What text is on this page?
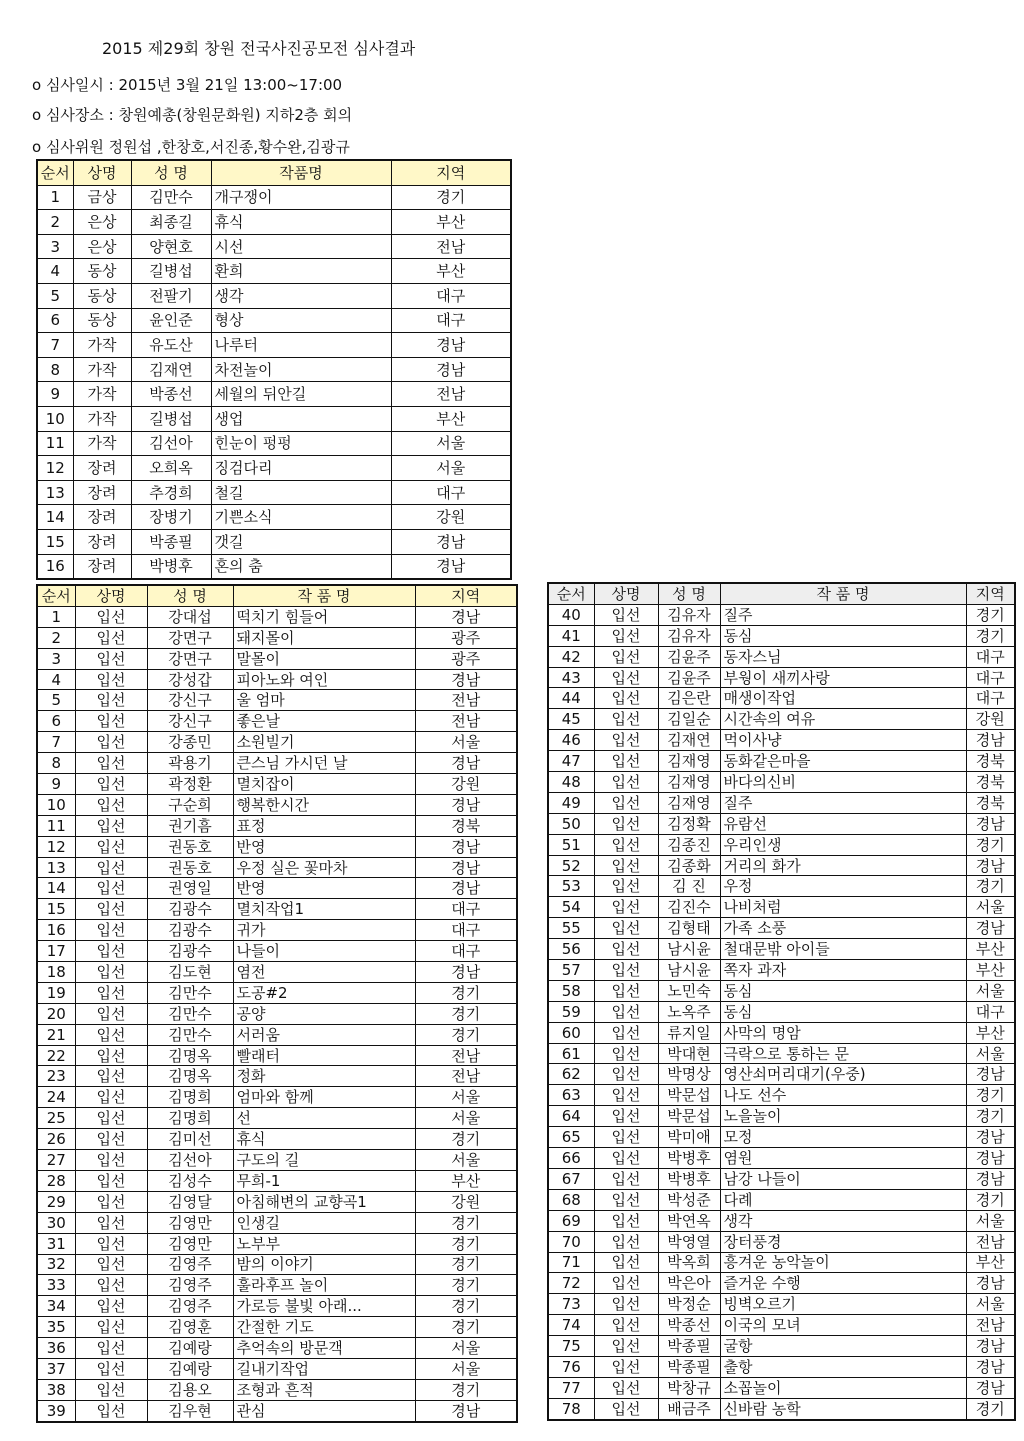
2015 제29회 창원 전국사진공모전 심사결과
o 심사일시 : 2015년 3월 21일 13:00~17:00
o 심사장소 : 창원예총(창원문화원) 지하2층 회의
o 심사위원 정원섭 ,한창호,서진종,황수완,김광규
순서	상명	성 명	작품명	지역
1	금상	김만수	개구쟁이	경기
2	은상	최종길	휴식	부산
3	은상	양현호	시선	전남
4	동상	길병섭	환희	부산
5	동상	전팔기	생각	대구
6	동상	윤인준	형상	대구
7	가작	유도산	나루터	경남
8	가작	김재연	차전놀이	경남
9	가작	박종선	세월의 뒤안길	전남
10	가작	길병섭	생업	부산
11	가작	김선아	힌눈이 펑펑	서울
12	장려	오희옥	징검다리	서울
13	장려	추경희	철길	대구
14	장려	장병기	기쁜소식	강원
15	장려	박종필	갯길	경남
16	장려	박병후	혼의 춤	경남
순서	상명	성 명	작 품 명	지역
1	입선	강대섭	떡치기 힘들어	경남
2	입선	강면구	돼지몰이	광주
3	입선	강면구	말몰이	광주
4	입선	강성갑	피아노와 여인	경남
5	입선	강신구	울 엄마	전남
6	입선	강신구	좋은날	전남
7	입선	강종민	소원빌기	서울
8	입선	곽용기	큰스님 가시던 날	경남
9	입선	곽정환	멸치잡이	강원
10	입선	구순희	행복한시간	경남
11	입선	권기흠	표정	경북
12	입선	권동호	반영	경남
13	입선	권동호	우정 실은 꽃마차	경남
14	입선	권영일	반영	경남
15	입선	김광수	멸치작업1	대구
16	입선	김광수	귀가	대구
17	입선	김광수	나들이	대구
18	입선	김도현	염전	경남
19	입선	김만수	도공#2	경기
20	입선	김만수	공양	경기
21	입선	김만수	서러움	경기
22	입선	김명옥	빨래터	전남
23	입선	김명옥	정화	전남
24	입선	김명희	엄마와 함께	서울
25	입선	김명희	선	서울
26	입선	김미선	휴식	경기
27	입선	김선아	구도의 길	서울
28	입선	김성수	무희-1	부산
29	입선	김영달	아침해변의 교향곡1	강원
30	입선	김영만	인생길	경기
31	입선	김영만	노부부	경기
32	입선	김영주	밤의 이야기	경기
33	입선	김영주	훌라후프 놀이	경기
34	입선	김영주	가로등 불빛 아래...	경기
35	입선	김영훈	간절한 기도	경기
36	입선	김예랑	추억속의 방문객	서울
37	입선	김예랑	길내기작업	서울
38	입선	김용오	조형과 흔적	경기
39	입선	김우현	관심	경남
순서	상명	성 명	작 품 명	지역
40	입선	김유자	질주	경기
41	입선	김유자	동심	경기
42	입선	김윤주	동자스님	대구
43	입선	김윤주	부웡이 새끼사랑	대구
44	입선	김은란	매생이작업	대구
45	입선	김일순	시간속의 여유	강원
46	입선	김재연	먹이사냥	경남
47	입선	김재영	동화같은마을	경북
48	입선	김재영	바다의신비	경북
49	입선	김재영	질주	경북
50	입선	김정확	유람선	경남
51	입선	김종진	우리인생	경기
52	입선	김종화	거리의 화가	경남
53	입선	김 진	우정	경기
54	입선	김진수	나비처럼	서울
55	입선	김형태	가족 소풍	경남
56	입선	남시윤	철대문밖 아이들	부산
57	입선	남시윤	쪽자 과자	부산
58	입선	노민숙	동심	서울
59	입선	노옥주	동심	대구
60	입선	류지일	사막의 명암	부산
61	입선	박대현	극락으로 통하는 문	서울
62	입선	박명상	영산쇠머리대기(우중)	경남
63	입선	박문섭	나도 선수	경기
64	입선	박문섭	노을놀이	경기
65	입선	박미애	모정	경남
66	입선	박병후	염원	경남
67	입선	박병후	남강 나들이	경남
68	입선	박성준	다례	경기
69	입선	박연옥	생각	서울
70	입선	박영열	장터풍경	전남
71	입선	박옥희	흥겨운 농악놀이	부산
72	입선	박은아	즐거운 수행	경남
73	입선	박정순	빙벽오르기	서울
74	입선	박종선	이국의 모녀	전남
75	입선	박종필	굴항	경남
76	입선	박종필	출항	경남
77	입선	박창규	소꼽놀이	경남
78	입선	배금주	신바람 농학	경기
